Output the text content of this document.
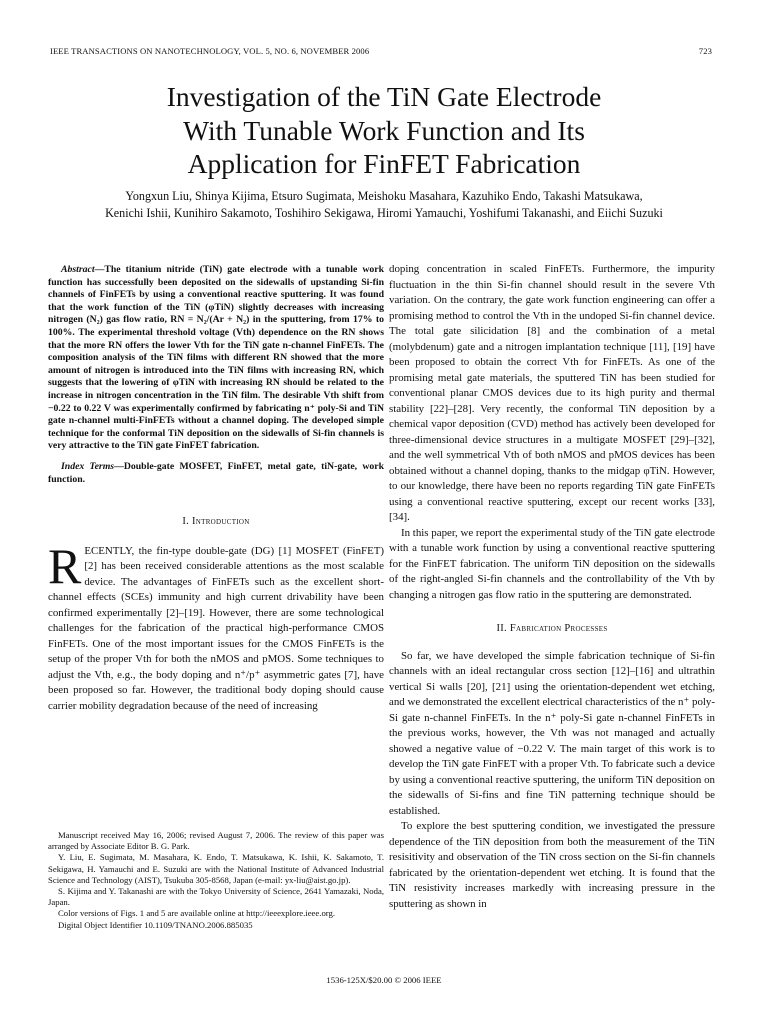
IEEE TRANSACTIONS ON NANOTECHNOLOGY, VOL. 5, NO. 6, NOVEMBER 2006	723
Investigation of the TiN Gate Electrode
With Tunable Work Function and Its
Application for FinFET Fabrication
Yongxun Liu, Shinya Kijima, Etsuro Sugimata, Meishoku Masahara, Kazuhiko Endo, Takashi Matsukawa,
Kenichi Ishii, Kunihiro Sakamoto, Toshihiro Sekigawa, Hiromi Yamauchi, Yoshifumi Takanashi, and Eiichi Suzuki

Abstract—The titanium nitride (TiN) gate electrode with a tunable work function has successfully been deposited on the sidewalls of upstanding Si-fin channels of FinFETs by using a conventional reactive sputtering. It was found that the work function of the TiN (φTiN) slightly decreases with increasing nitrogen (N₂) gas flow ratio, RN = N₂/(Ar + N₂) in the sputtering, from 17% to 100%. The experimental threshold voltage (Vth) dependence on the RN shows that the more RN offers the lower Vth for the TiN gate n-channel FinFETs. The composition analysis of the TiN films with different RN showed that the more amount of nitrogen is introduced into the TiN films with increasing RN, which suggests that the lowering of φTiN with increasing RN should be related to the increase in nitrogen concentration in the TiN film. The desirable Vth shift from −0.22 to 0.22 V was experimentally confirmed by fabricating n⁺ poly-Si and TiN gate n-channel multi-FinFETs without a channel doping. The developed simple technique for the conformal TiN deposition on the sidewalls of Si-fin channels is very attractive to the TiN gate FinFET fabrication.

Index Terms—Double-gate MOSFET, FinFET, metal gate, tiN-gate, work function.

I. Introduction

RECENTLY, the fin-type double-gate (DG) [1] MOSFET (FinFET) [2] has been received considerable attentions as the most scalable device. The advantages of FinFETs such as the excellent short-channel effects (SCEs) immunity and high current drivability have been confirmed experimentally [2]–[19]. However, there are some technological challenges for the fabrication of the practical high-performance CMOS FinFETs. One of the most important issues for the CMOS FinFETs is the setup of the proper Vth for both the nMOS and pMOS. Some techniques to adjust the Vth, e.g., the body doping and n⁺/p⁺ asymmetric gates [7], have been proposed so far. However, the traditional body doping should cause carrier mobility degradation because of the need of increasing

Manuscript received May 16, 2006; revised August 7, 2006. The review of this paper was arranged by Associate Editor B. G. Park.

Y. Liu, E. Sugimata, M. Masahara, K. Endo, T. Matsukawa, K. Ishii, K. Sakamoto, T. Sekigawa, H. Yamauchi and E. Suzuki are with the National Institute of Advanced Industrial Science and Technology (AIST), Tsukuba 305-8568, Japan (e-mail: yx-liu@aist.go.jp).

S. Kijima and Y. Takanashi are with the Tokyo University of Science, 2641 Yamazaki, Noda, Japan.

Color versions of Figs. 1 and 5 are available online at http://ieeexplore.ieee.org.

Digital Object Identifier 10.1109/TNANO.2006.885035

doping concentration in scaled FinFETs. Furthermore, the impurity fluctuation in the thin Si-fin channel should result in the severe Vth variation. On the contrary, the gate work function engineering can offer a promising method to control the Vth in the undoped Si-fin channel device. The total gate silicidation [8] and the combination of a metal (molybdenum) gate and a nitrogen implantation technique [11], [19] have been proposed to obtain the correct Vth for FinFETs. As one of the promising metal gate materials, the sputtered TiN has been studied for conventional planar CMOS devices due to its high purity and thermal stability [22]–[28]. Very recently, the conformal TiN deposition by a chemical vapor deposition (CVD) method has actively been developed for three-dimensional device structures in a multigate MOSFET [29]–[32], and the well symmetrical Vth of both nMOS and pMOS devices has been obtained without a channel doping, thanks to the midgap φTiN. However, to our knowledge, there have been no reports regarding TiN gate FinFETs using a conventional reactive sputtering, except our recent works [33], [34].

In this paper, we report the experimental study of the TiN gate electrode with a tunable work function by using a conventional reactive sputtering for the FinFET fabrication. The uniform TiN deposition on the sidewalls of the right-angled Si-fin channels and the controllability of the Vth by changing a nitrogen gas flow ratio in the sputtering are demonstrated.

II. Fabrication Processes

So far, we have developed the simple fabrication technique of Si-fin channels with an ideal rectangular cross section [12]–[16] and ultrathin vertical Si walls [20], [21] using the orientation-dependent wet etching, and we demonstrated the excellent electrical characteristics of the n⁺ poly-Si gate n-channel FinFETs. In the n⁺ poly-Si gate n-channel FinFETs in the previous works, however, the Vth was not managed and actually showed a negative value of −0.22 V. The main target of this work is to develop the TiN gate FinFET with a proper Vth. To fabricate such a device by using a conventional reactive sputtering, the uniform TiN deposition on the sidewalls of Si-fins and fine TiN patterning technique should be established.

To explore the best sputtering condition, we investigated the pressure dependence of the TiN deposition from both the measurement of the TiN resisitivity and observation of the TiN cross section on the Si-fin channels fabricated by the orientation-dependent wet etching. It is found that the TiN resistivity increases markedly with increasing pressure in the sputtering as shown in

1536-125X/$20.00 © 2006 IEEE
